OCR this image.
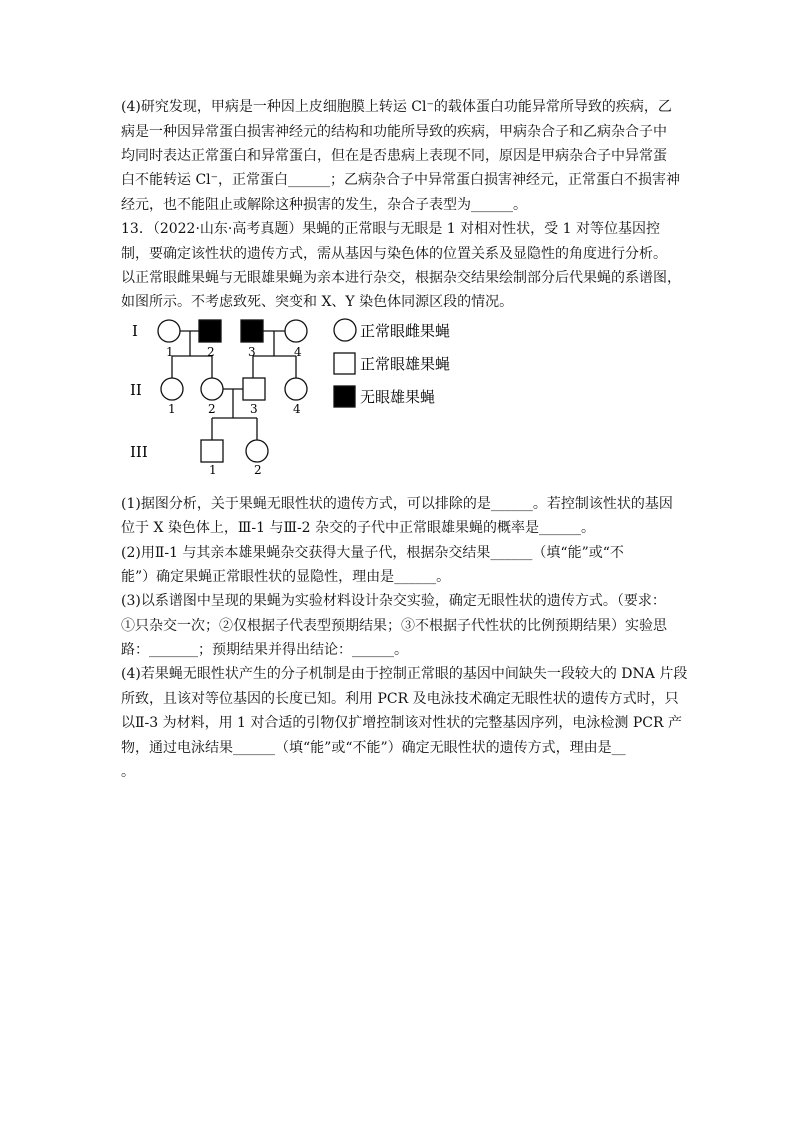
(4)研究发现，甲病是一种因上皮细胞膜上转运 Cl⁻的载体蛋白功能异常所导致的疾病，乙
病是一种因异常蛋白损害神经元的结构和功能所导致的疾病，甲病杂合子和乙病杂合子中
均同时表达正常蛋白和异常蛋白，但在是否患病上表现不同，原因是甲病杂合子中异常蛋
白不能转运 Cl⁻，正常蛋白______；乙病杂合子中异常蛋白损害神经元，正常蛋白不损害神
经元，也不能阻止或解除这种损害的发生，杂合子表型为______。
13．（2022·山东·高考真题）果蝇的正常眼与无眼是 1 对相对性状，受 1 对等位基因控
制，要确定该性状的遗传方式，需从基因与染色体的位置关系及显隐性的角度进行分析。
以正常眼雌果蝇与无眼雄果蝇为亲本进行杂交，根据杂交结果绘制部分后代果蝇的系谱图，
如图所示。不考虑致死、突变和 X、Y 染色体同源区段的情况。
I
II
III
1	2	3	4
1	2	3	4
1	2
正常眼雌果蝇
正常眼雄果蝇
无眼雄果蝇
(1)据图分析，关于果蝇无眼性状的遗传方式，可以排除的是______。若控制该性状的基因
位于 X 染色体上，Ⅲ-1 与Ⅲ-2 杂交的子代中正常眼雄果蝇的概率是______。
(2)用Ⅱ-1 与其亲本雄果蝇杂交获得大量子代，根据杂交结果______（填“能”或“不
能”）确定果蝇正常眼性状的显隐性，理由是______。
(3)以系谱图中呈现的果蝇为实验材料设计杂交实验，确定无眼性状的遗传方式。（要求：
①只杂交一次；②仅根据子代表型预期结果；③不根据子代性状的比例预期结果）实验思
路：_______；预期结果并得出结论：______。
(4)若果蝇无眼性状产生的分子机制是由于控制正常眼的基因中间缺失一段较大的 DNA 片段
所致，且该对等位基因的长度已知。利用 PCR 及电泳技术确定无眼性状的遗传方式时，只
以Ⅱ-3 为材料，用 1 对合适的引物仅扩增控制该对性状的完整基因序列，电泳检测 PCR 产
物，通过电泳结果______（填“能”或“不能”）确定无眼性状的遗传方式，理由是__
。
